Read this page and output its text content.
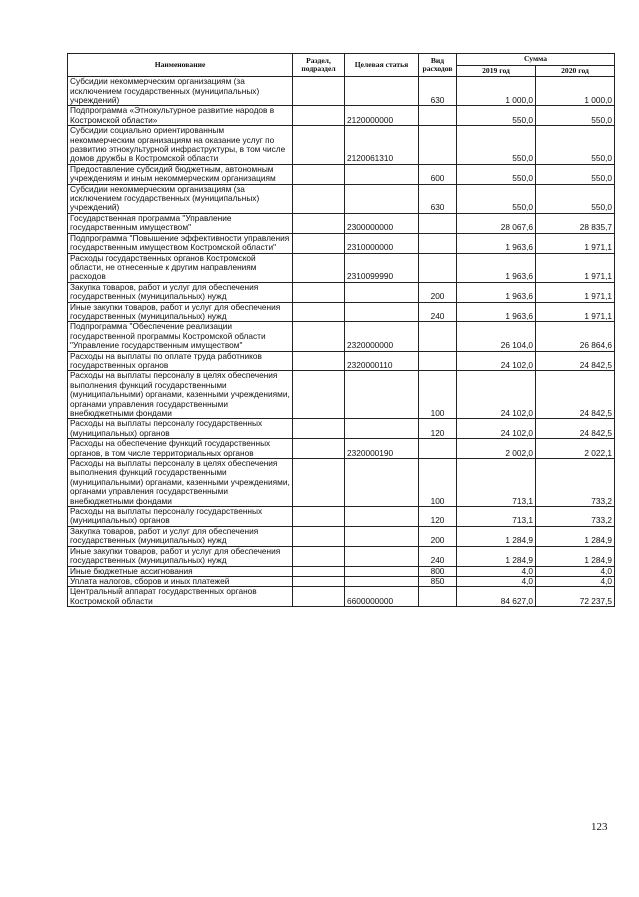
Наименование	Раздел, подраздел	Целевая статья	Вид расходов	Сумма	
				2019 год	2020 год
Субсидии некоммерческим организациям (за исключением государственных (муниципальных) учреждений)			630	1 000,0	1 000,0
Подпрограмма «Этнокультурное развитие народов в Костромской области»		2120000000		550,0	550,0
Субсидии социально ориентированным некоммерческим организациям на оказание услуг по развитию этнокультурной инфраструктуры, в том числе домов дружбы в Костромской области		2120061310		550,0	550,0
Предоставление субсидий бюджетным, автономным учреждениям и иным некоммерческим организациям			600	550,0	550,0
Субсидии некоммерческим организациям (за исключением государственных (муниципальных) учреждений)			630	550,0	550,0
Государственная программа "Управление государственным имуществом"		2300000000		28 067,6	28 835,7
Подпрограмма "Повышение эффективности управления государственным имуществом Костромской области"		2310000000		1 963,6	1 971,1
Расходы государственных органов Костромской области, не отнесенные к другим направлениям расходов		2310099990		1 963,6	1 971,1
Закупка товаров, работ и услуг для обеспечения государственных (муниципальных) нужд			200	1 963,6	1 971,1
Иные закупки товаров, работ и услуг для обеспечения государственных (муниципальных) нужд			240	1 963,6	1 971,1
Подпрограмма "Обеспечение реализации государственной программы Костромской области "Управление государственным имуществом"		2320000000		26 104,0	26 864,6
Расходы на выплаты по оплате труда работников государственных органов		2320000110		24 102,0	24 842,5
Расходы на выплаты персоналу в целях обеспечения выполнения функций государственными (муниципальными) органами, казенными учреждениями, органами управления государственными внебюджетными фондами			100	24 102,0	24 842,5
Расходы на выплаты персоналу государственных (муниципальных) органов			120	24 102,0	24 842,5
Расходы на обеспечение функций государственных органов, в том числе территориальных органов		2320000190		2 002,0	2 022,1
Расходы на выплаты персоналу в целях обеспечения выполнения функций государственными (муниципальными) органами, казенными учреждениями, органами управления государственными внебюджетными фондами			100	713,1	733,2
Расходы на выплаты персоналу государственных (муниципальных) органов			120	713,1	733,2
Закупка товаров, работ и услуг для обеспечения государственных (муниципальных) нужд			200	1 284,9	1 284,9
Иные закупки товаров, работ и услуг для обеспечения государственных (муниципальных) нужд			240	1 284,9	1 284,9
Иные бюджетные ассигнования			800	4,0	4,0
Уплата налогов, сборов и иных платежей			850	4,0	4,0
Центральный аппарат государственных органов Костромской области		6600000000		84 627,0	72 237,5
123
